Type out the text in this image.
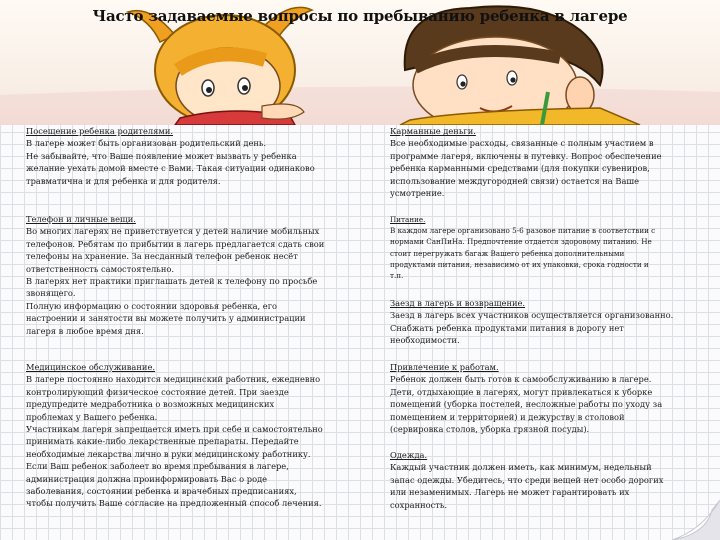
Часто задаваемые вопросы по пребыванию ребенка в лагере
Посещение ребенка родителями.
В лагере может быть организован родительский день.
Не забывайте, что Ваше появление может вызвать у ребенка
желание уехать домой вместе с Вами. Такая ситуации одинаково
травматична и для ребенка и для родителя.
Телефон и личные вещи.
Во многих лагерях не приветствуется у детей наличие мобильных
телефонов. Ребятам по прибытии в лагерь предлагается сдать свои
телефоны на хранение. За несданный телефон ребенок несёт
ответственность самостоятельно.
В лагерях нет практики приглашать детей к телефону по просьбе
звонящего.
Полную информацию о состоянии здоровья ребенка, его
настроении и занятости вы можете получить у администрации
лагеря в любое время дня.
Медицинское обслуживание.
В лагере постоянно находится медицинский работник, ежедневно
контролирующий физическое состояние детей. При заезде
предупредите медработника о возможных медицинских
проблемах у Вашего ребенка.
Участникам лагеря запрещается иметь при себе и самостоятельно
принимать какие-либо лекарственные препараты. Передайте
необходимые лекарства лично в руки медицинскому работнику.
Если Ваш ребенок заболеет во время пребывания в лагере,
администрация должна проинформировать Вас о роде
заболевания, состоянии ребенка и врачебных предписаниях,
чтобы получить Ваше согласие на предложенный способ лечения.
Карманные деньги.
Все необходимые расходы, связанные с полным участием в
программе лагеря, включены в путевку. Вопрос обеспечение
ребенка карманными средствами (для покупки сувениров,
использование междугородней связи) остается на Ваше
усмотрение.
Питание.
В каждом лагере организовано 5-6 разовое питание в соответствии с
нормами СанПиНа. Предпочтение отдается здоровому питанию. Не
стоит перегружать багаж Вашего ребенка дополнительными
продуктами питания, независимо от их упаковки, срока годности и
т.п.
Заезд в лагерь и возвращение.
Заезд в лагерь всех участников осуществляется организованно.
Снабжать ребенка продуктами питания в дорогу нет
необходимости.
Привлечение к работам.
Ребенок должен быть готов к самообслуживанию в лагере.
Дети, отдыхающие в лагерях, могут привлекаться к уборке
помещений (уборка постелей, несложные работы по уходу за
помещением и территорией) и дежурству в столовой
(сервировка столов, уборка грязной посуды).
Одежда.
Каждый участник должен иметь, как минимум, недельный
запас одежды. Убедитесь, что среди вещей нет особо дорогих
или незаменимых. Лагерь не может гарантировать их
сохранность.
